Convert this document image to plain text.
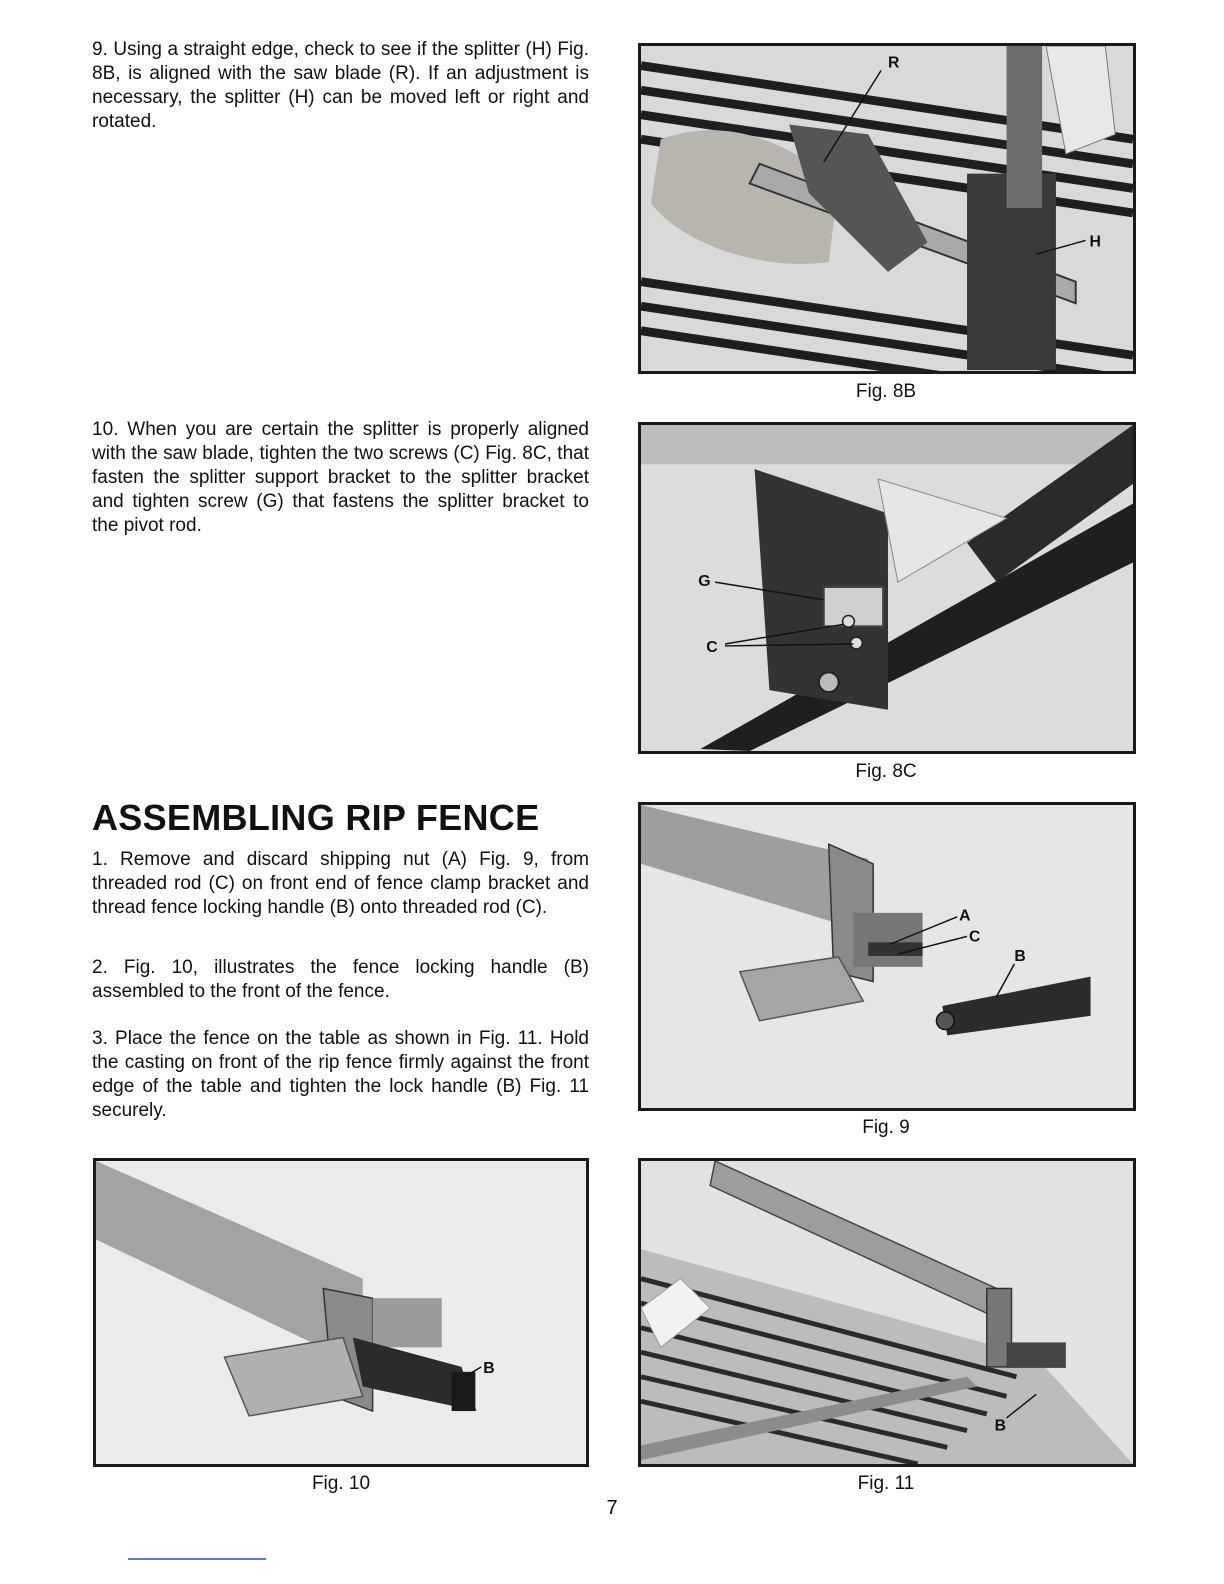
9. Using a straight edge, check to see if the splitter (H) Fig. 8B, is aligned with the saw blade (R). If an adjustment is necessary, the splitter (H) can be moved left or right and rotated.

10. When you are certain the splitter is properly aligned with the saw blade, tighten the two screws (C) Fig. 8C, that fasten the splitter support bracket to the splitter bracket and tighten screw (G) that fastens the splitter bracket to the pivot rod.

ASSEMBLING RIP FENCE

1. Remove and discard shipping nut (A) Fig. 9, from threaded rod (C) on front end of fence clamp bracket and thread fence locking handle (B) onto threaded rod (C).

2. Fig. 10, illustrates the fence locking handle (B) assembled to the front of the fence.

3. Place the fence on the table as shown in Fig. 11. Hold the casting on front of the rip fence firmly against the front edge of the table and tighten the lock handle (B) Fig. 11 securely.

R
H
Fig. 8B
G
C
Fig. 8C
A
C
B
Fig. 9
B
Fig. 10
B
Fig. 11
7
